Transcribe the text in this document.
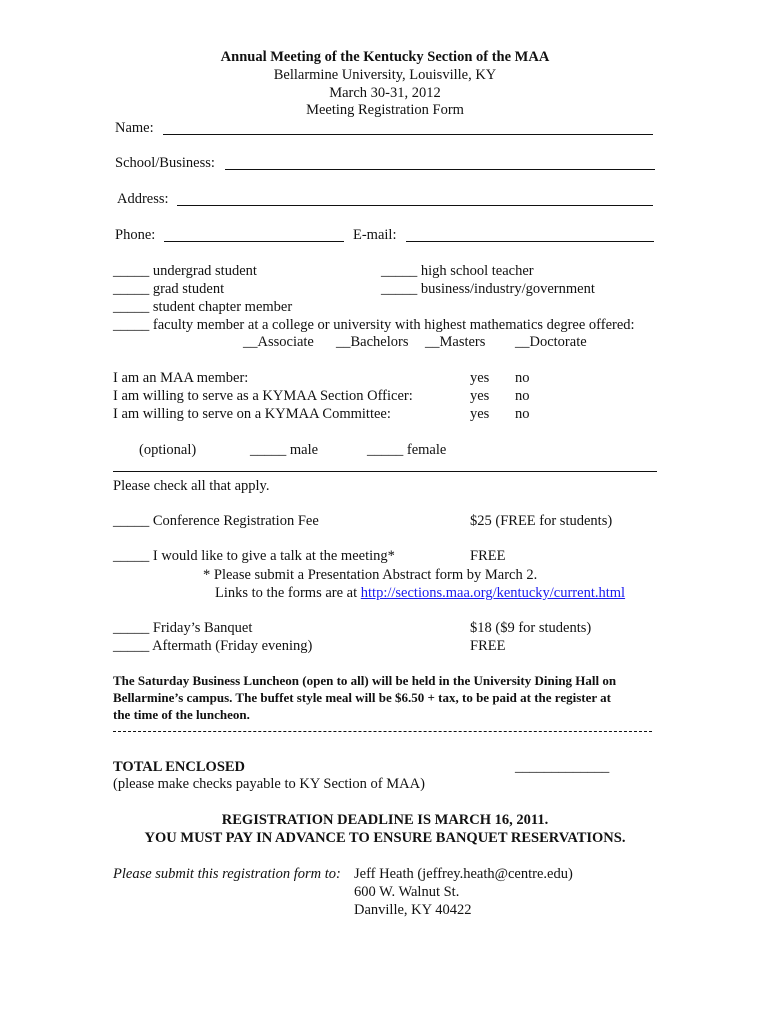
Annual Meeting of the Kentucky Section of the MAA
Bellarmine University, Louisville, KY
March 30-31, 2012
Meeting Registration Form
Name:
School/Business:
Address:
Phone:	E-mail:
_____ undergrad student	_____ high school teacher
_____ grad student	_____ business/industry/government
_____ student chapter member
_____ faculty member at a college or university with highest mathematics degree offered:
__Associate __Bachelors __Masters __Doctorate
I am an MAA member:	yes no
I am willing to serve as a KYMAA Section Officer:	yes no
I am willing to serve on a KYMAA Committee:	yes no
(optional)	_____ male	_____ female
Please check all that apply.
_____ Conference Registration Fee	$25 (FREE for students)
_____ I would like to give a talk at the meeting*	FREE
* Please submit a Presentation Abstract form by March 2.
Links to the forms are at http://sections.maa.org/kentucky/current.html
_____ Friday’s Banquet	$18 ($9 for students)
_____ Aftermath (Friday evening)	FREE
The Saturday Business Luncheon (open to all) will be held in the University Dining Hall on
Bellarmine’s campus. The buffet style meal will be $6.50 + tax, to be paid at the register at
the time of the luncheon.
TOTAL ENCLOSED	_____________
(please make checks payable to KY Section of MAA)
REGISTRATION DEADLINE IS MARCH 16, 2011.
YOU MUST PAY IN ADVANCE TO ENSURE BANQUET RESERVATIONS.
Please submit this registration form to: Jeff Heath (jeffrey.heath@centre.edu)
600 W. Walnut St.
Danville, KY 40422
